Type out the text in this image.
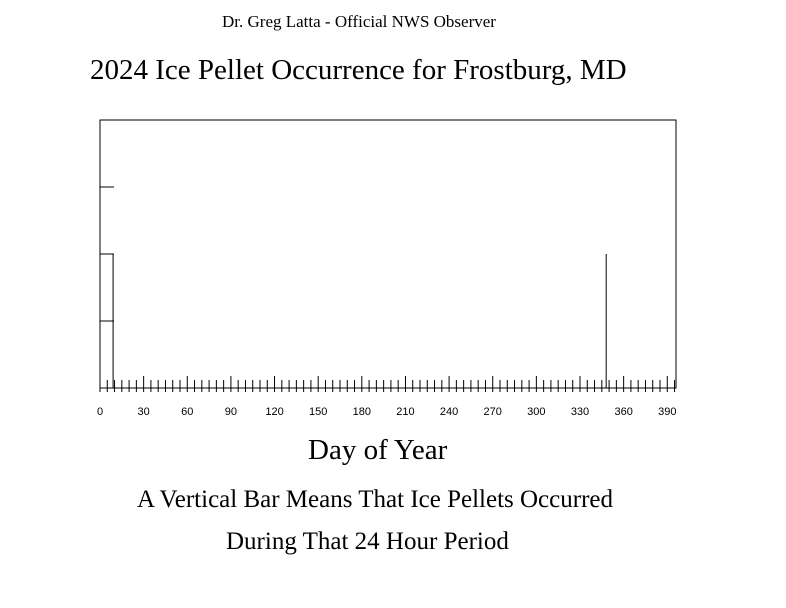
Dr. Greg Latta - Official NWS Observer
2024 Ice Pellet Occurrence for Frostburg, MD
0	30	60	90	120 150 180 210 240 270 300 330 360 390
Day of Year
A Vertical Bar Means That Ice Pellets Occurred
During That 24 Hour Period
